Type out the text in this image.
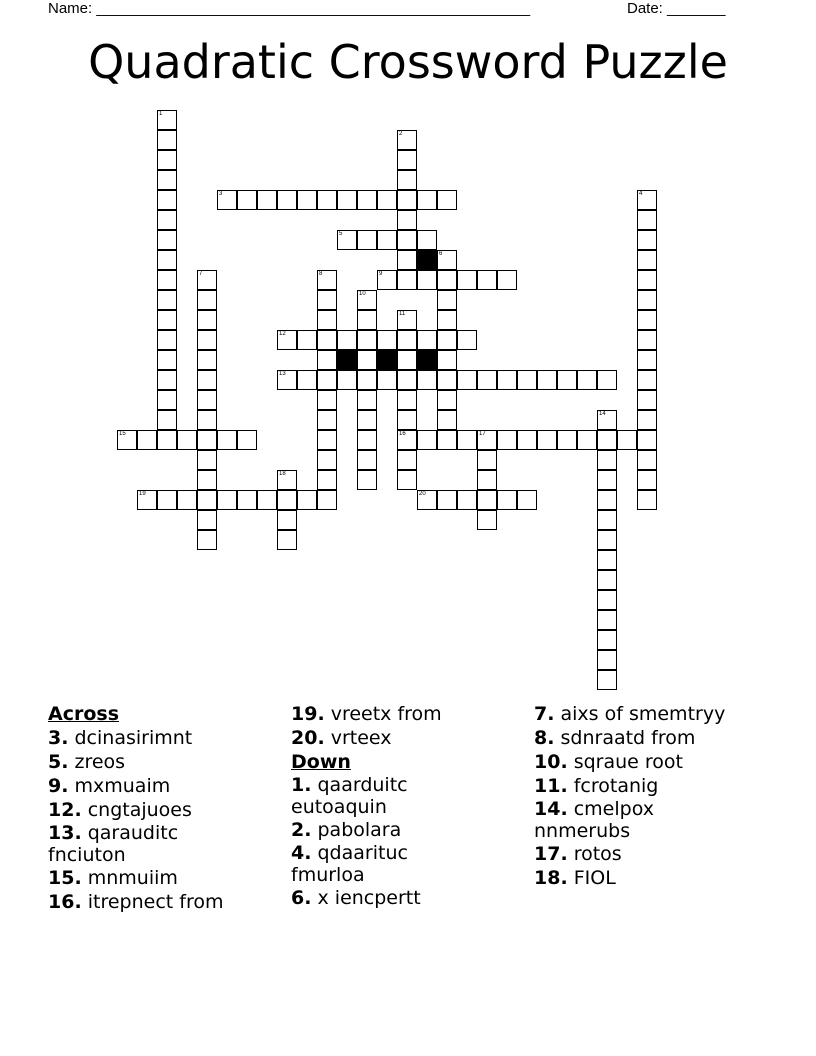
Name: ____________________________________________________	Date: _______
Quadratic Crossword Puzzle
1
2
3	4
5
6
7	8	9
10
11
16
12
13
14
15	17
18
19	20
Across
3. dcinasirimnt
5. zreos
9. mxmuaim
12. cngtajuoes
13. qarauditc fnciuton
15. mnmuiim
16. itrepnect from
19. vreetx from
20. vrteex
Down
1. qaarduitc eutoaquin
2. pabolara
4. qdaarituc fmurloa
6. x iencpertt
7. aixs of smemtryy
8. sdnraatd from
10. sqraue root
11. fcrotanig
14. cmelpox nnmerubs
17. rotos
18. FIOL
